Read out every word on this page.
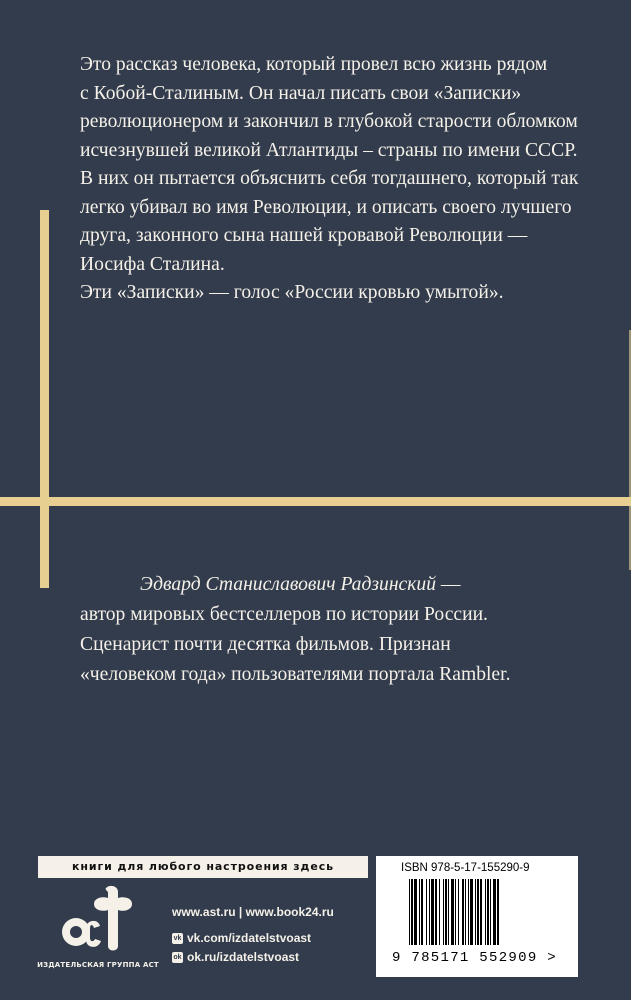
Это рассказ человека, который провел всю жизнь рядом
с Кобой-Сталиным. Он начал писать свои «Записки»
революционером и закончил в глубокой старости обломком
исчезнувшей великой Атлантиды – страны по имени СССР.
В них он пытается объяснить себя тогдашнего, который так
легко убивал во имя Революции, и описать своего лучшего
друга, законного сына нашей кровавой Революции —
Иосифа Сталина.
Эти «Записки» — голос «России кровью умытой».

Эдвард Станиславович Радзинский —
автор мировых бестселлеров по истории России.
Сценарист почти десятка фильмов. Признан
«человеком года» пользователями портала Rambler.

книги для любого настроения здесь
ИЗДАТЕЛЬСКАЯ ГРУППА АСТ
www.ast.ru | www.book24.ru
vk vk.com/izdatelstvoast
ok ok.ru/izdatelstvoast
ISBN 978-5-17-155290-9
9 785171 552909 >
